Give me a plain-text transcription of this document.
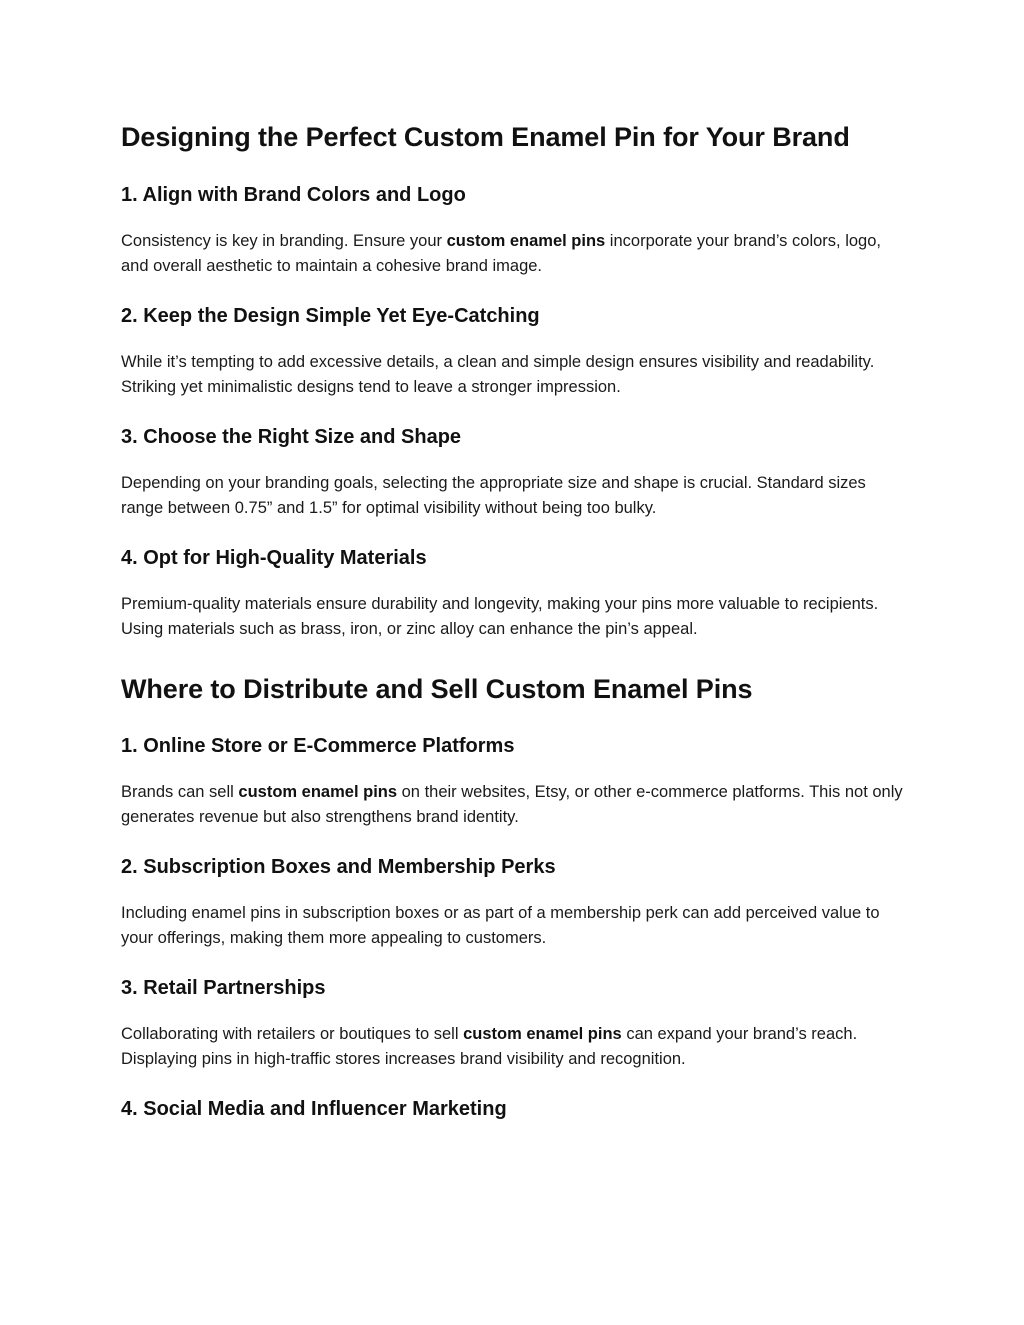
Designing the Perfect Custom Enamel Pin for Your Brand
1. Align with Brand Colors and Logo

Consistency is key in branding. Ensure your custom enamel pins incorporate your brand’s colors, logo, and overall aesthetic to maintain a cohesive brand image.

2. Keep the Design Simple Yet Eye-Catching

While it’s tempting to add excessive details, a clean and simple design ensures visibility and readability. Striking yet minimalistic designs tend to leave a stronger impression.

3. Choose the Right Size and Shape

Depending on your branding goals, selecting the appropriate size and shape is crucial. Standard sizes range between 0.75” and 1.5” for optimal visibility without being too bulky.

4. Opt for High-Quality Materials

Premium-quality materials ensure durability and longevity, making your pins more valuable to recipients. Using materials such as brass, iron, or zinc alloy can enhance the pin’s appeal.

Where to Distribute and Sell Custom Enamel Pins
1. Online Store or E-Commerce Platforms

Brands can sell custom enamel pins on their websites, Etsy, or other e-commerce platforms. This not only generates revenue but also strengthens brand identity.

2. Subscription Boxes and Membership Perks

Including enamel pins in subscription boxes or as part of a membership perk can add perceived value to your offerings, making them more appealing to customers.

3. Retail Partnerships

Collaborating with retailers or boutiques to sell custom enamel pins can expand your brand’s reach. Displaying pins in high-traffic stores increases brand visibility and recognition.

4. Social Media and Influencer Marketing
